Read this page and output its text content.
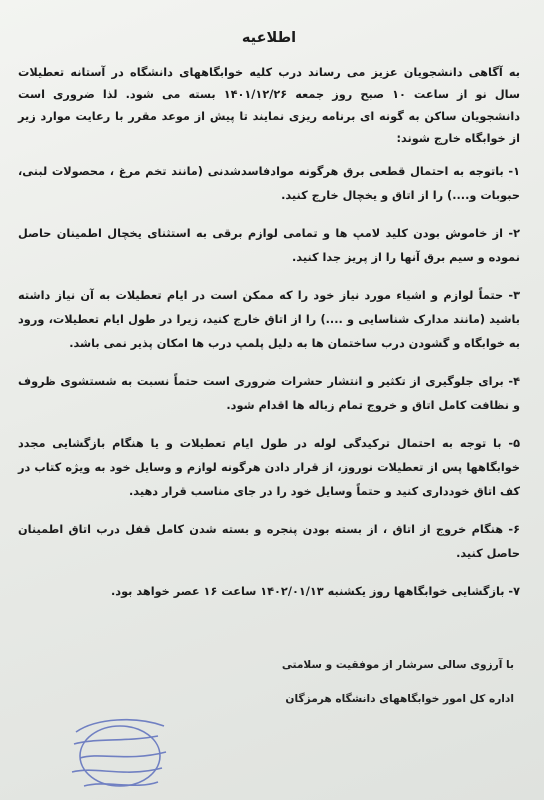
اطلاعیه

به آگاهی دانشجویان عزیز می رساند درب کلیه خوابگاههای دانشگاه در آستانه تعطیلات سال نو از ساعت ۱۰ صبح روز جمعه ۱۴۰۱/۱۲/۲۶ بسته می شود. لذا ضروری است دانشجویان ساکن به گونه ای برنامه ریزی نمایند تا پیش از موعد مقرر با رعایت موارد زیر از خوابگاه خارج شوند:

۱- باتوجه به احتمال قطعی برق هرگونه موادفاسدشدنی (مانند تخم مرغ ، محصولات لبنی، حبوبات و....) را از اتاق و یخچال خارج کنید.

۲- از خاموش بودن کلید لامپ ها و تمامی لوازم برقی به استثنای یخچال اطمینان حاصل نموده و سیم برق آنها را از پریز جدا کنید.

۳- حتماً لوازم و اشیاء مورد نیاز خود را که ممکن است در ایام تعطیلات به آن نیاز داشته باشید (مانند مدارک شناسایی و ....) را از اتاق خارج کنید، زیرا در طول ایام تعطیلات، ورود به خوابگاه و گشودن درب ساختمان ها به دلیل پلمپ درب ها امکان پذیر نمی باشد.

۴- برای جلوگیری از تکثیر و انتشار حشرات ضروری است حتماً نسبت به شستشوی ظروف و نظافت کامل اتاق و خروج تمام زباله ها اقدام شود.

۵- با توجه به احتمال ترکیدگی لوله در طول ایام تعطیلات و یا هنگام بازگشایی مجدد خوابگاهها پس از تعطیلات نوروز، از قرار دادن هرگونه لوازم و وسایل خود به ویژه کتاب در کف اتاق خودداری کنید و حتماً وسایل خود را در جای مناسب قرار دهید.

۶- هنگام خروج از اتاق ، از بسته بودن پنجره و بسته شدن کامل قفل درب اتاق اطمینان حاصل کنید.

۷- بازگشایی خوابگاهها روز یکشنبه ۱۴۰۲/۰۱/۱۳ ساعت ۱۶ عصر خواهد بود.

با آرزوی سالی سرشار از موفقیت و سلامتی
اداره کل امور خوابگاههای دانشگاه هرمزگان
